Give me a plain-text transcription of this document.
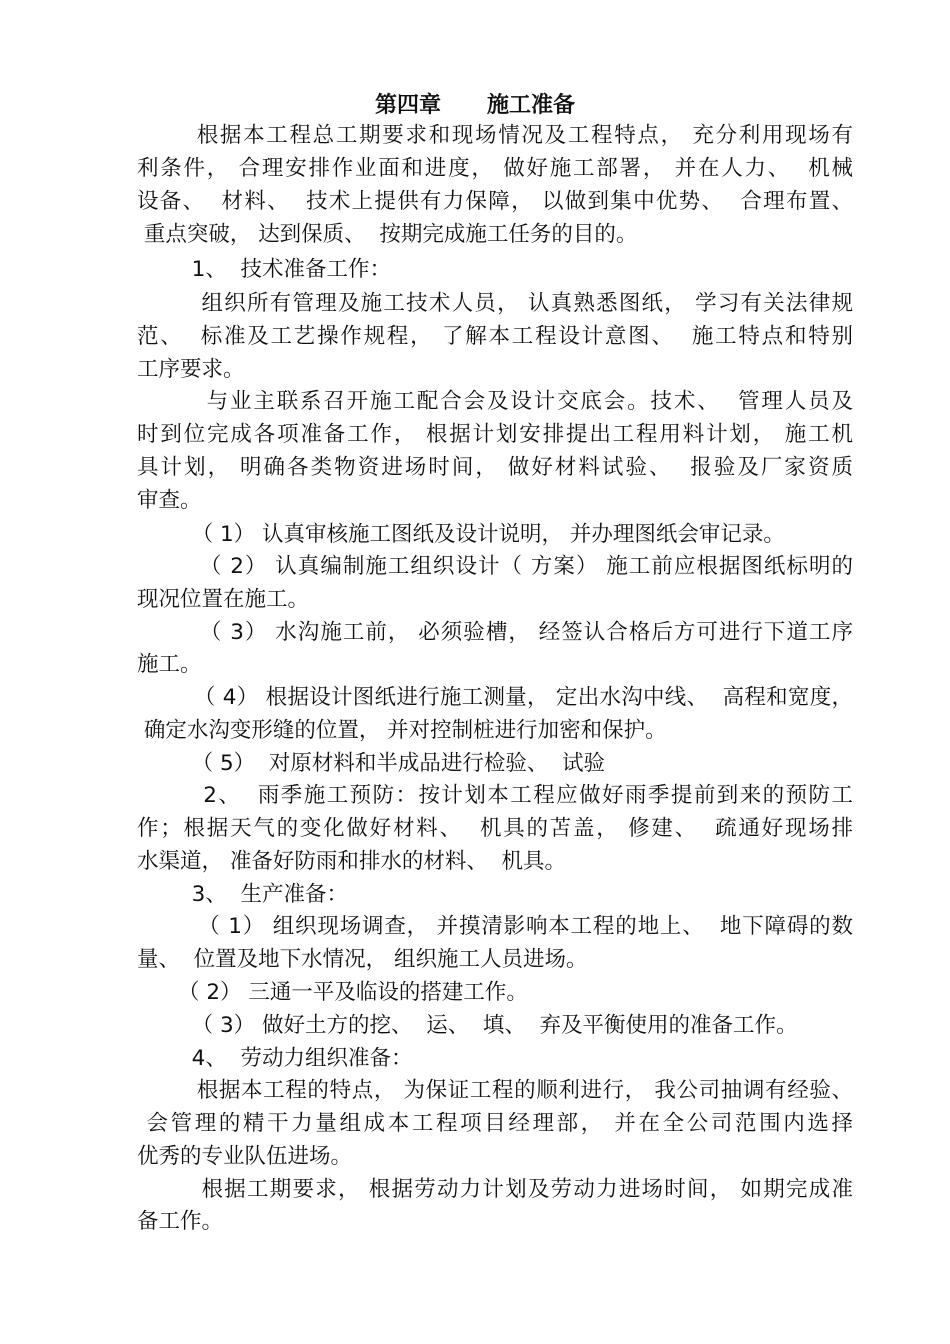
第四章      施工准备
根据本工程总工期要求和现场情况及工程特点， 充分利用现场有
利条件， 合理安排作业面和进度， 做好施工部署， 并在人力、  机械
设备、  材料、  技术上提供有力保障， 以做到集中优势、  合理布置、
重点突破， 达到保质、  按期完成施工任务的目的。
1、  技术准备工作：
组织所有管理及施工技术人员， 认真熟悉图纸， 学习有关法律规
范、  标准及工艺操作规程， 了解本工程设计意图、  施工特点和特别
工序要求。
与业主联系召开施工配合会及设计交底会。技术、  管理人员及
时到位完成各项准备工作， 根据计划安排提出工程用料计划， 施工机
具计划， 明确各类物资进场时间， 做好材料试验、  报验及厂家资质
审查。
（ 1） 认真审核施工图纸及设计说明， 并办理图纸会审记录。
（ 2） 认真编制施工组织设计（ 方案） 施工前应根据图纸标明的
现况位置在施工。
（ 3） 水沟施工前， 必须验槽， 经签认合格后方可进行下道工序
施工。
（ 4） 根据设计图纸进行施工测量， 定出水沟中线、  高程和宽度，
确定水沟变形缝的位置， 并对控制桩进行加密和保护。
（ 5）  对原材料和半成品进行检验、  试验
2、  雨季施工预防：按计划本工程应做好雨季提前到来的预防工
作；根据天气的变化做好材料、  机具的苫盖， 修建、  疏通好现场排
水渠道， 准备好防雨和排水的材料、  机具。
3、  生产准备：
（ 1） 组织现场调查， 并摸清影响本工程的地上、  地下障碍的数
量、  位置及地下水情况， 组织施工人员进场。
（ 2） 三通一平及临设的搭建工作。
（ 3） 做好土方的挖、  运、  填、  弃及平衡使用的准备工作。
4、  劳动力组织准备：
根据本工程的特点， 为保证工程的顺利进行， 我公司抽调有经验、
会管理的精干力量组成本工程项目经理部， 并在全公司范围内选择
优秀的专业队伍进场。
根据工期要求， 根据劳动力计划及劳动力进场时间， 如期完成准
备工作。
